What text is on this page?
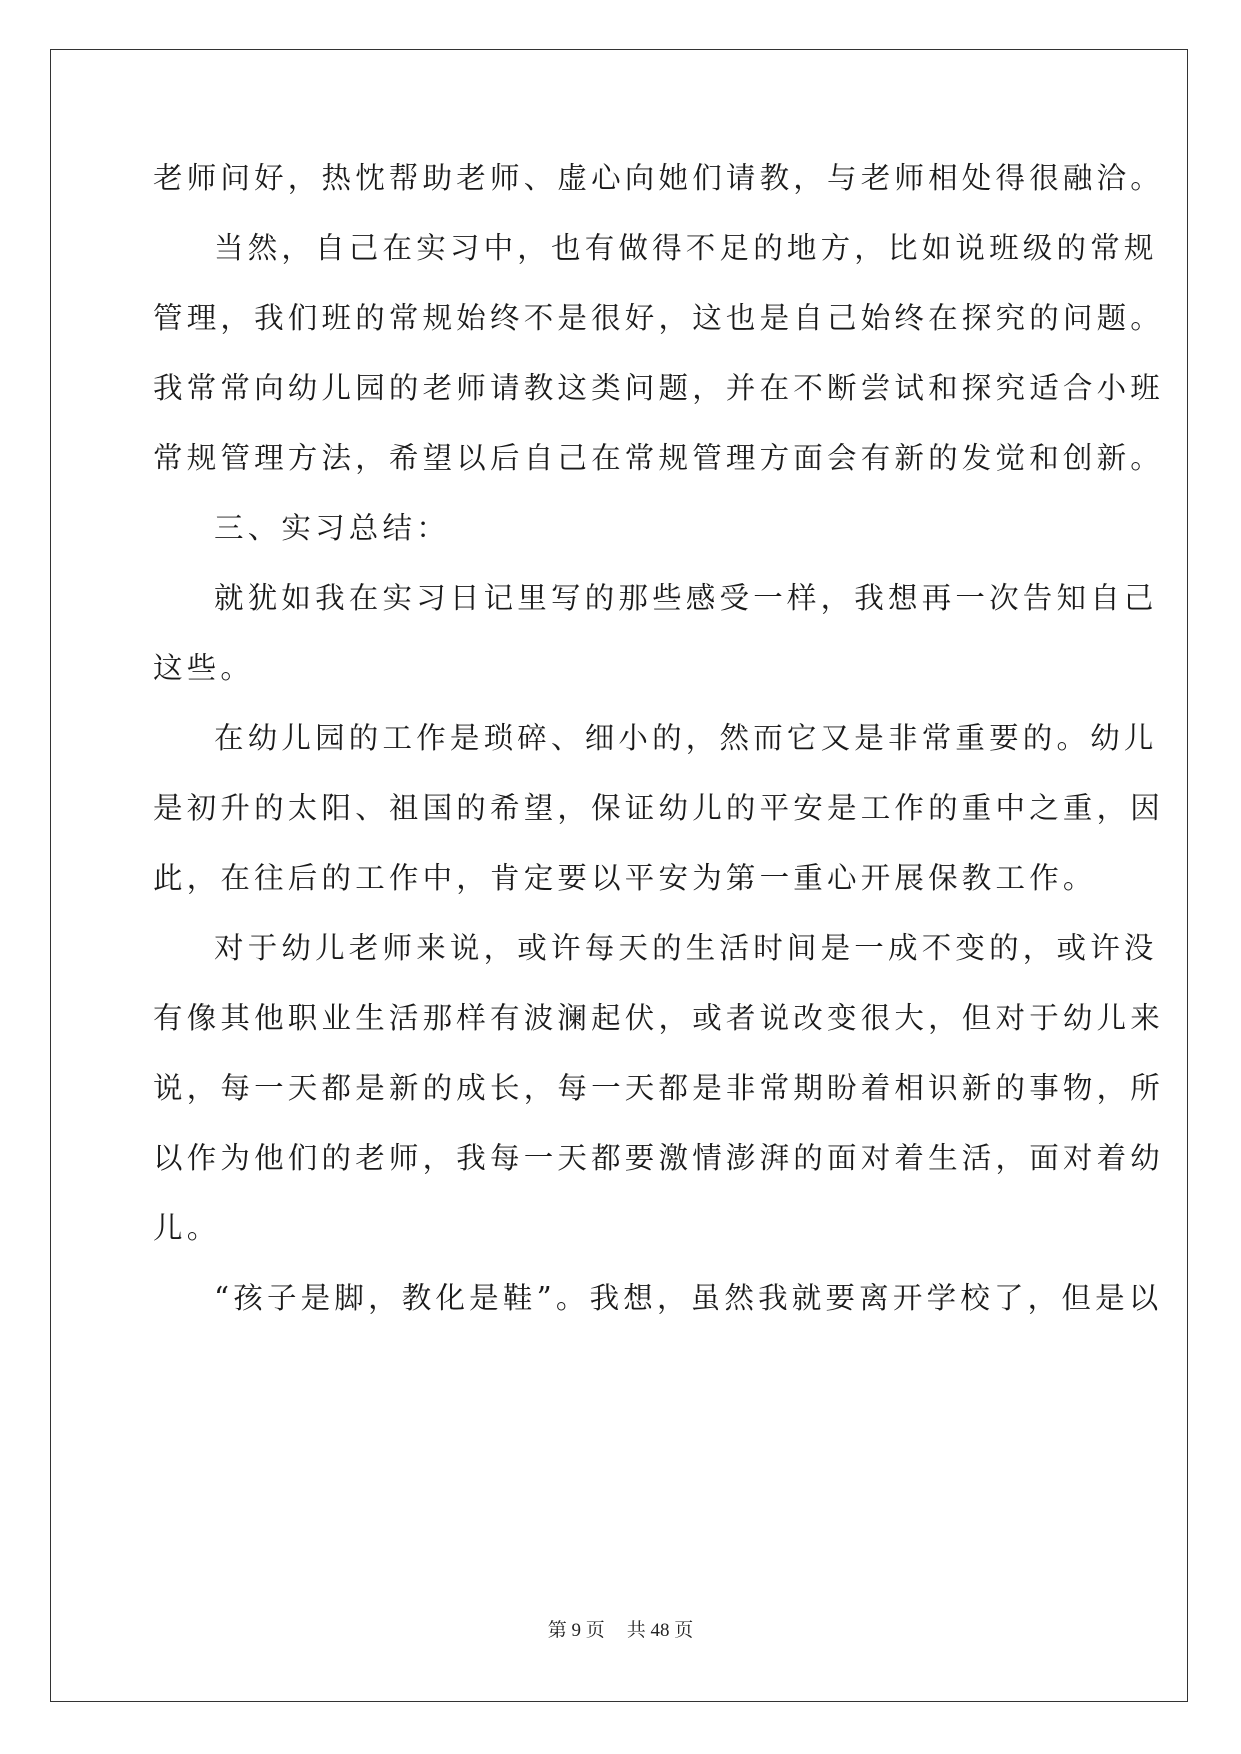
老师问好，热忱帮助老师、虚心向她们请教，与老师相处得很融洽。
当然，自己在实习中，也有做得不足的地方，比如说班级的常规
管理，我们班的常规始终不是很好，这也是自己始终在探究的问题。
我常常向幼儿园的老师请教这类问题，并在不断尝试和探究适合小班
常规管理方法，希望以后自己在常规管理方面会有新的发觉和创新。
三、实习总结：
就犹如我在实习日记里写的那些感受一样，我想再一次告知自己
这些。
在幼儿园的工作是琐碎、细小的，然而它又是非常重要的。幼儿
是初升的太阳、祖国的希望，保证幼儿的平安是工作的重中之重，因
此，在往后的工作中，肯定要以平安为第一重心开展保教工作。
对于幼儿老师来说，或许每天的生活时间是一成不变的，或许没
有像其他职业生活那样有波澜起伏，或者说改变很大，但对于幼儿来
说，每一天都是新的成长，每一天都是非常期盼着相识新的事物，所
以作为他们的老师，我每一天都要激情澎湃的面对着生活，面对着幼
儿。
“孩子是脚，教化是鞋”。我想，虽然我就要离开学校了，但是以
第 9 页 共 48 页
